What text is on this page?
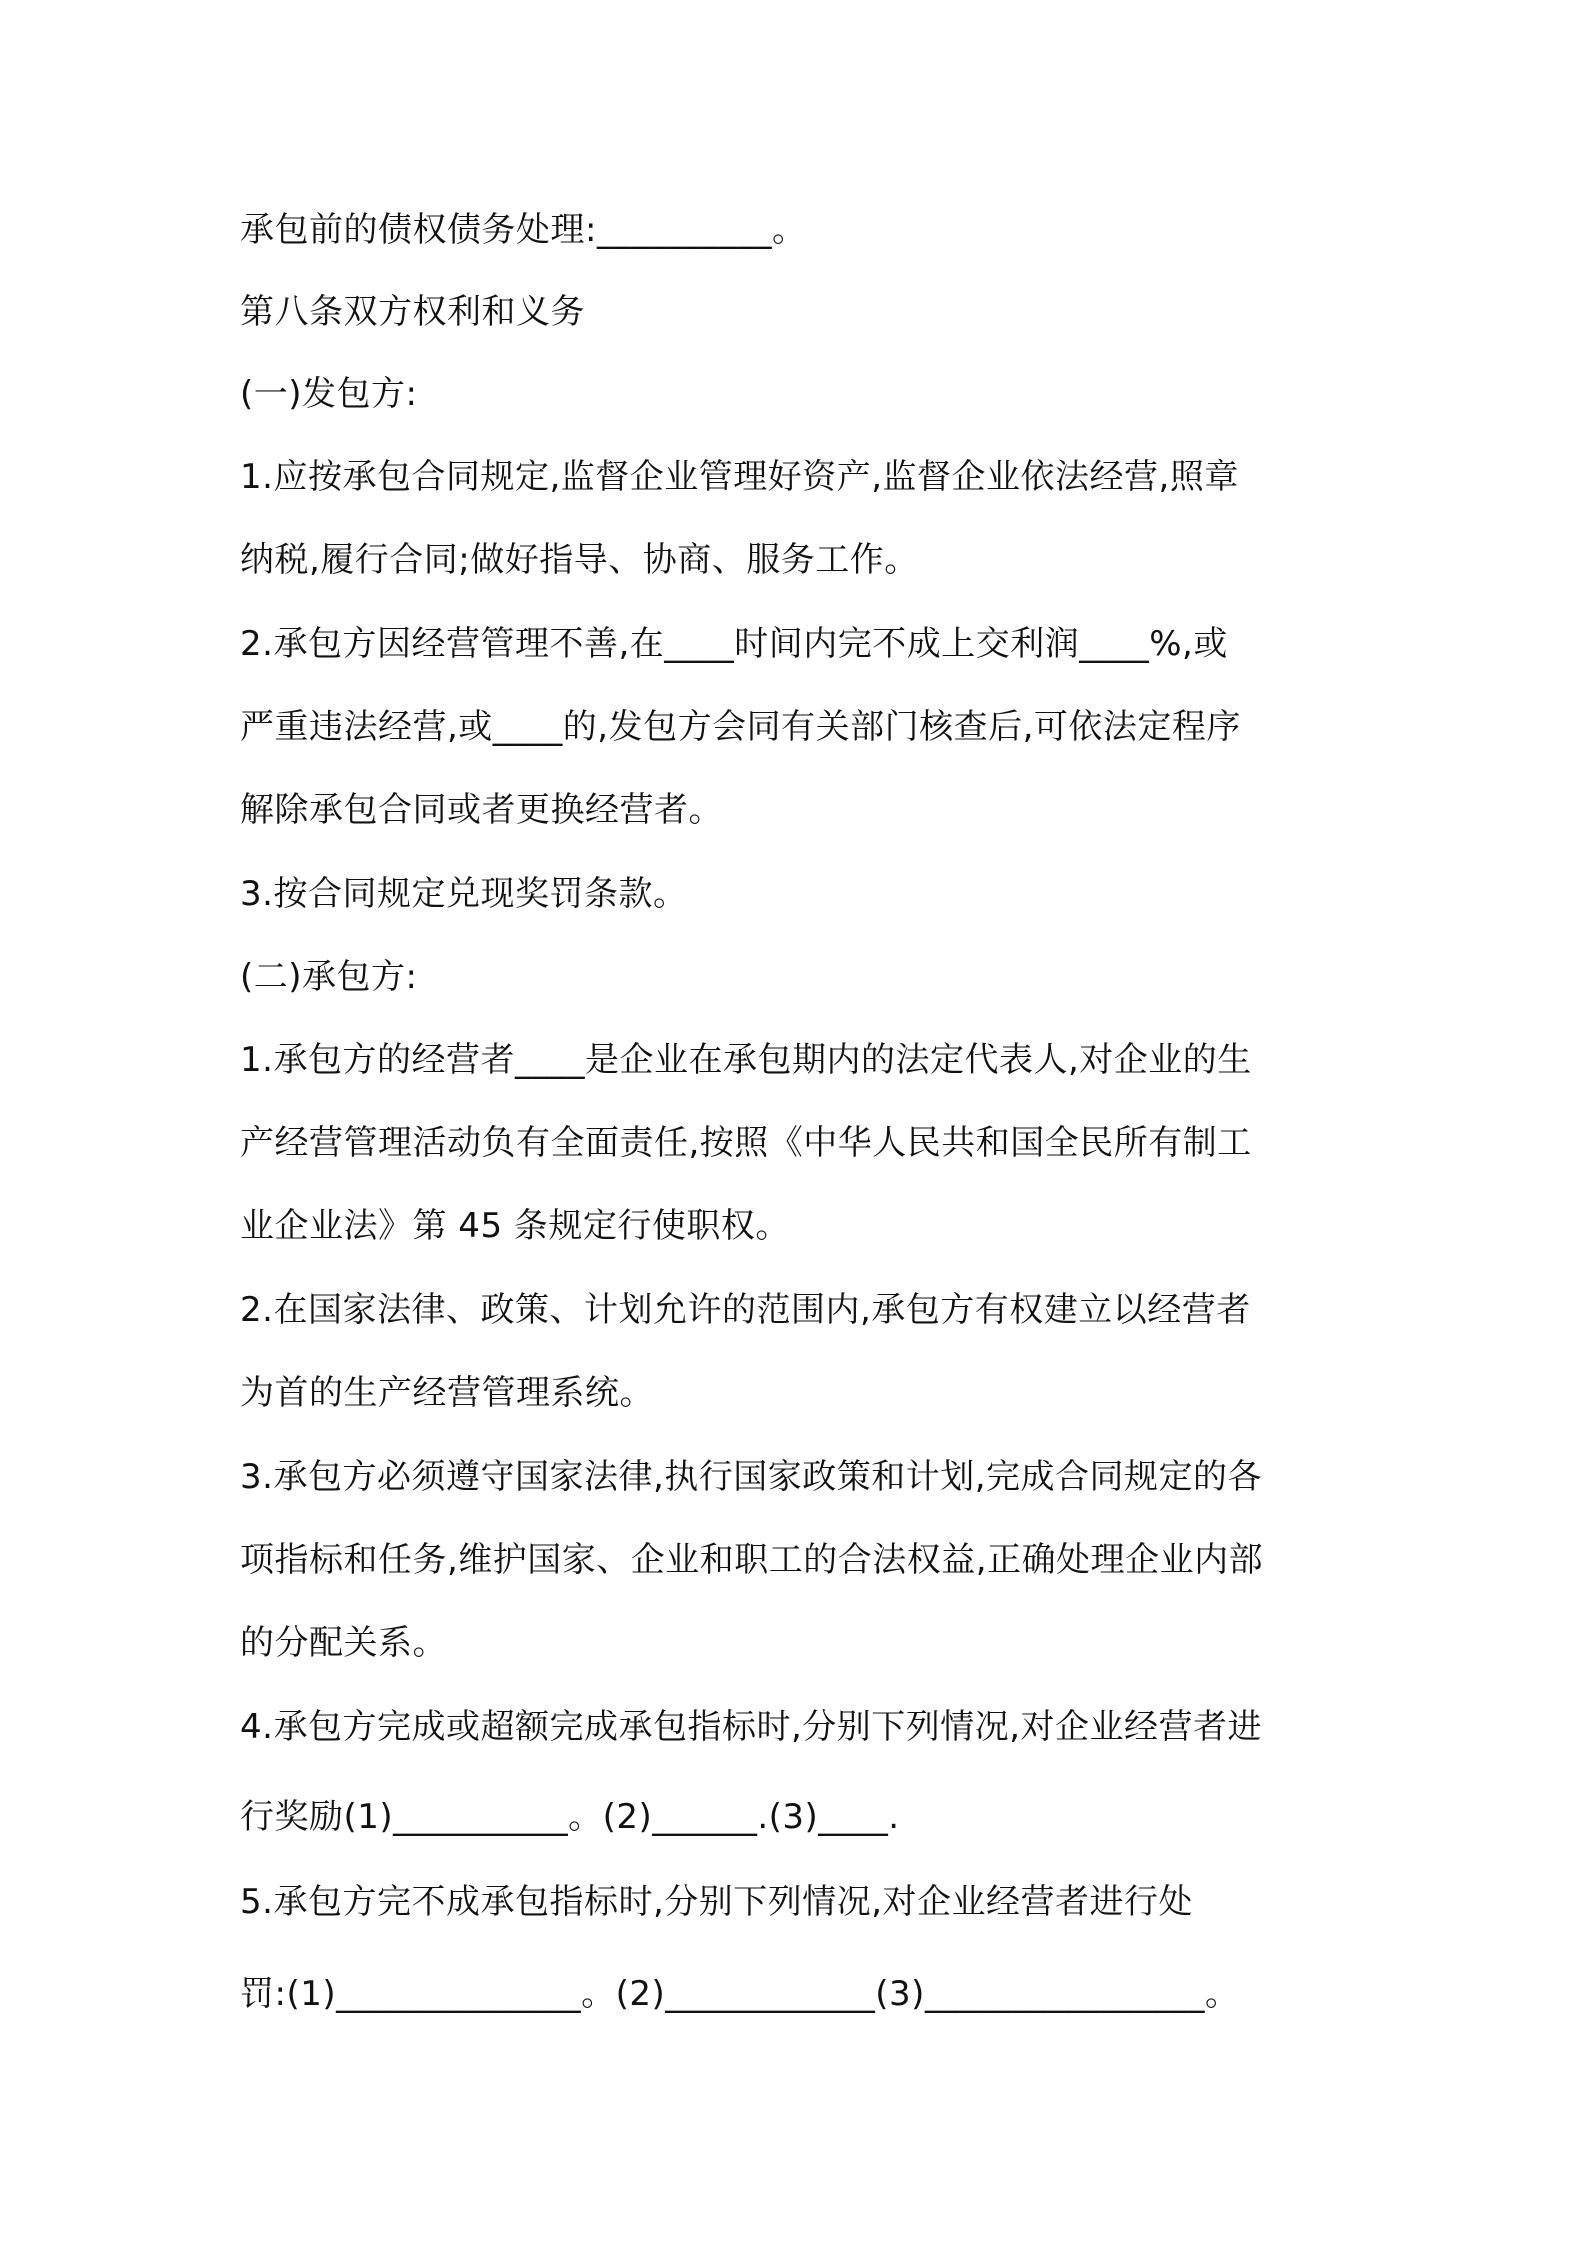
承包前的债权债务处理:__________。
第八条双方权利和义务
(一)发包方:
1.应按承包合同规定,监督企业管理好资产,监督企业依法经营,照章
纳税,履行合同;做好指导、协商、服务工作。
2.承包方因经营管理不善,在____时间内完不成上交利润____%,或
严重违法经营,或____的,发包方会同有关部门核查后,可依法定程序
解除承包合同或者更换经营者。
3.按合同规定兑现奖罚条款。
(二)承包方:
1.承包方的经营者____是企业在承包期内的法定代表人,对企业的生
产经营管理活动负有全面责任,按照《中华人民共和国全民所有制工
业企业法》第 45 条规定行使职权。
2.在国家法律、政策、计划允许的范围内,承包方有权建立以经营者
为首的生产经营管理系统。
3.承包方必须遵守国家法律,执行国家政策和计划,完成合同规定的各
项指标和任务,维护国家、企业和职工的合法权益,正确处理企业内部
的分配关系。
4.承包方完成或超额完成承包指标时,分别下列情况,对企业经营者进
行奖励(1)__________。(2)______.(3)____.
5.承包方完不成承包指标时,分别下列情况,对企业经营者进行处
罚:(1)______________。(2)____________(3)________________。
